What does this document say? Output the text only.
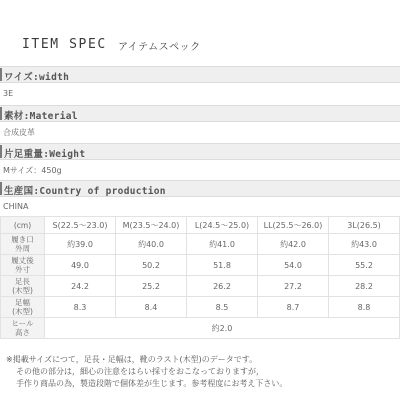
ITEM SPEC アイテムスペック
ワイズ:width
3E
素材:Material
合成皮革
片足重量:Weight
Mサイズ：450g
生産国:Country of production
CHINA
(cm)	S(22.5～23.0)	M(23.5～24.0)	L(24.5～25.0)	LL(25.5～26.0)	3L(26.5)
履き口
外周	約39.0	約40.0	約41.0	約42.0	約43.0
履丈後
外寸	49.0	50.2	51.8	54.0	55.2
足長
(木型)	24.2	25.2	26.2	27.2	28.2
足幅
(木型)	8.3	8.4	8.5	8.7	8.8
ヒール
高さ	約2.0				
※掲載サイズにつて，足長・足幅は，靴のラスト(木型)のデータです。
その他の部分は，細心の注意をはらい採寸をおこなっておりますが，
手作り商品の為，製造段階で個体差が生じます。参考程度にお考え下さい。
